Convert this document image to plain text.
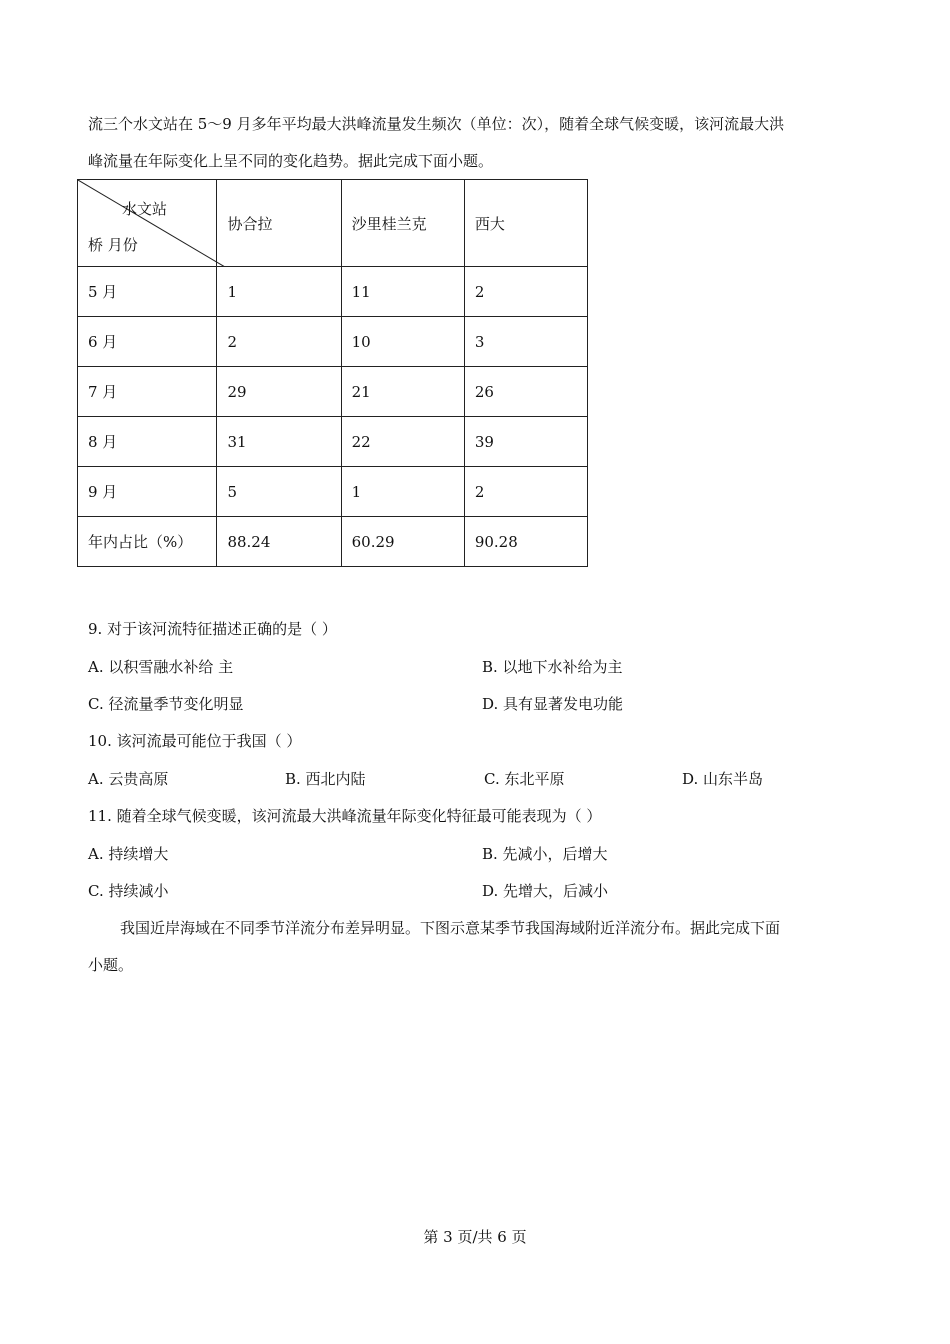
流三个水文站在 5～9 月多年平均最大洪峰流量发生频次（单位：次），随着全球气候变暖，该河流最大洪
峰流量在年际变化上呈不同的变化趋势。据此完成下面小题。
水文站
桥 月份	协合拉	沙里桂兰克	西大
5 月	1	11	2
6 月	2	10	3
7 月	29	21	26
8 月	31	22	39
9 月	5	1	2
年内占比（%）	88.24	60.29	90.28
9. 对于该河流特征描述正确的是（ ）
A. 以积雪融水补给 主	B. 以地下水补给为主
C. 径流量季节变化明显	D. 具有显著发电功能
10. 该河流最可能位于我国（ ）
A. 云贵高原	B. 西北内陆	C. 东北平原	D. 山东半岛
11. 随着全球气候变暖，该河流最大洪峰流量年际变化特征最可能表现为（ ）
A. 持续增大	B. 先减小，后增大
C. 持续减小	D. 先增大，后减小
我国近岸海域在不同季节洋流分布差异明显。下图示意某季节我国海域附近洋流分布。据此完成下面
小题。
第 3 页/共 6 页
